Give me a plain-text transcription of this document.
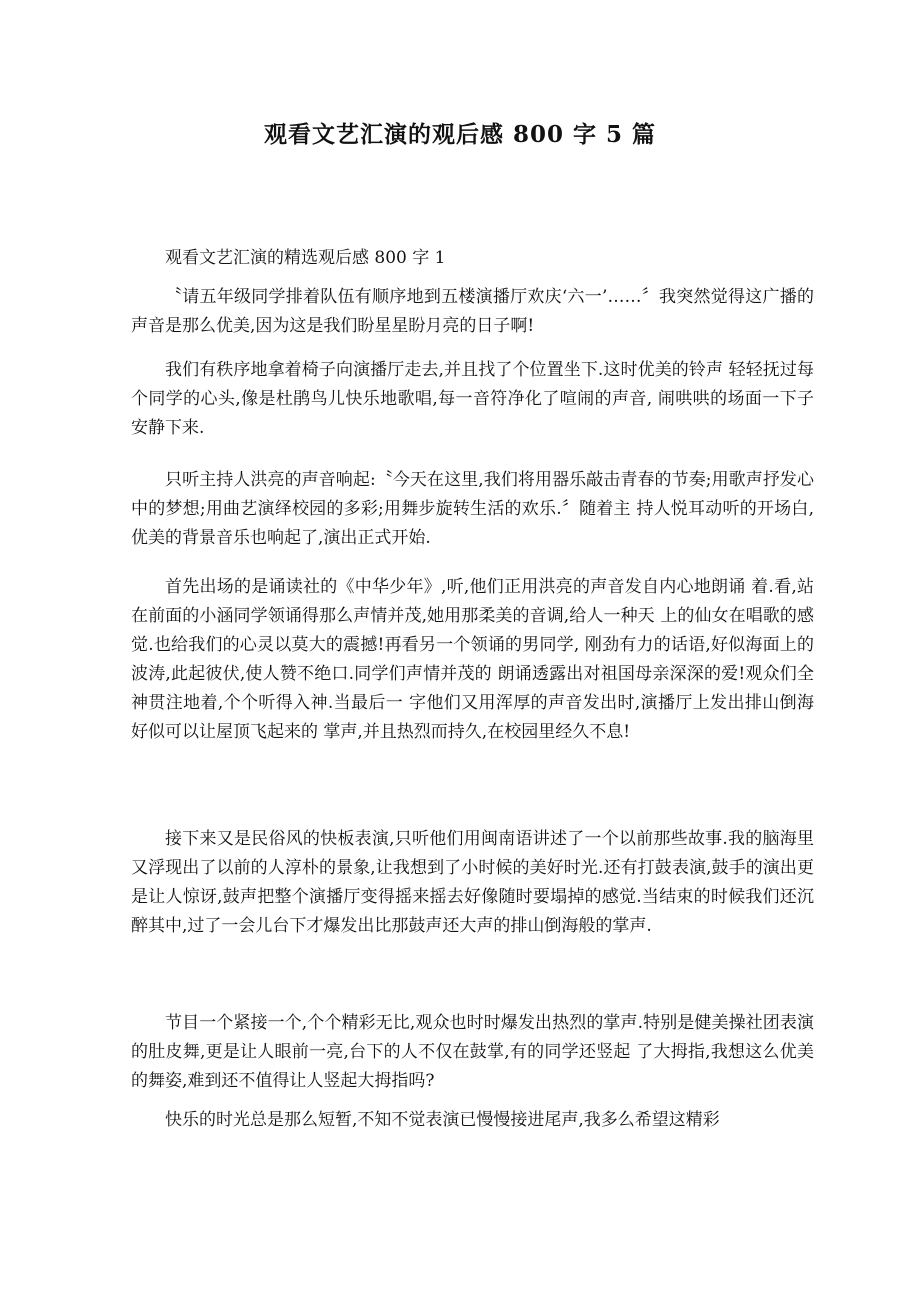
观看文艺汇演的观后感 800 字 5 篇

观看文艺汇演的精选观后感 800 字 1

〝请五年级同学排着队伍有顺序地到五楼演播厅欢庆‘六一’……〞我突然觉得这广播的声音是那么优美,因为这是我们盼星星盼月亮的日子啊!

我们有秩序地拿着椅子向演播厅走去,并且找了个位置坐下.这时优美的铃声 轻轻抚过每个同学的心头,像是杜鹃鸟儿快乐地歌唱,每一音符净化了喧闹的声音, 闹哄哄的场面一下子安静下来.

只听主持人洪亮的声音响起:〝今天在这里,我们将用器乐敲击青春的节奏;用歌声抒发心中的梦想;用曲艺演绎校园的多彩;用舞步旋转生活的欢乐.〞随着主 持人悦耳动听的开场白,优美的背景音乐也响起了,演出正式开始.

首先出场的是诵读社的《中华少年》,听,他们正用洪亮的声音发自内心地朗诵 着.看,站在前面的小涵同学领诵得那么声情并茂,她用那柔美的音调,给人一种天 上的仙女在唱歌的感觉.也给我们的心灵以莫大的震撼!再看另一个领诵的男同学, 刚劲有力的话语,好似海面上的波涛,此起彼伏,使人赞不绝口.同学们声情并茂的 朗诵透露出对祖国母亲深深的爱!观众们全神贯注地着,个个听得入神.当最后一 字他们又用浑厚的声音发出时,演播厅上发出排山倒海好似可以让屋顶飞起来的 掌声,并且热烈而持久,在校园里经久不息!

接下来又是民俗风的快板表演,只听他们用闽南语讲述了一个以前那些故事.我的脑海里又浮现出了以前的人淳朴的景象,让我想到了小时候的美好时光.还有打鼓表演,鼓手的演出更是让人惊讶,鼓声把整个演播厅变得摇来摇去好像随时要塌掉的感觉.当结束的时候我们还沉醉其中,过了一会儿台下才爆发出比那鼓声还大声的排山倒海般的掌声.

节目一个紧接一个,个个精彩无比,观众也时时爆发出热烈的掌声.特别是健美操社团表演的肚皮舞,更是让人眼前一亮,台下的人不仅在鼓掌,有的同学还竖起 了大拇指,我想这么优美的舞姿,难到还不值得让人竖起大拇指吗?

快乐的时光总是那么短暂,不知不觉表演已慢慢接进尾声,我多么希望这精彩
